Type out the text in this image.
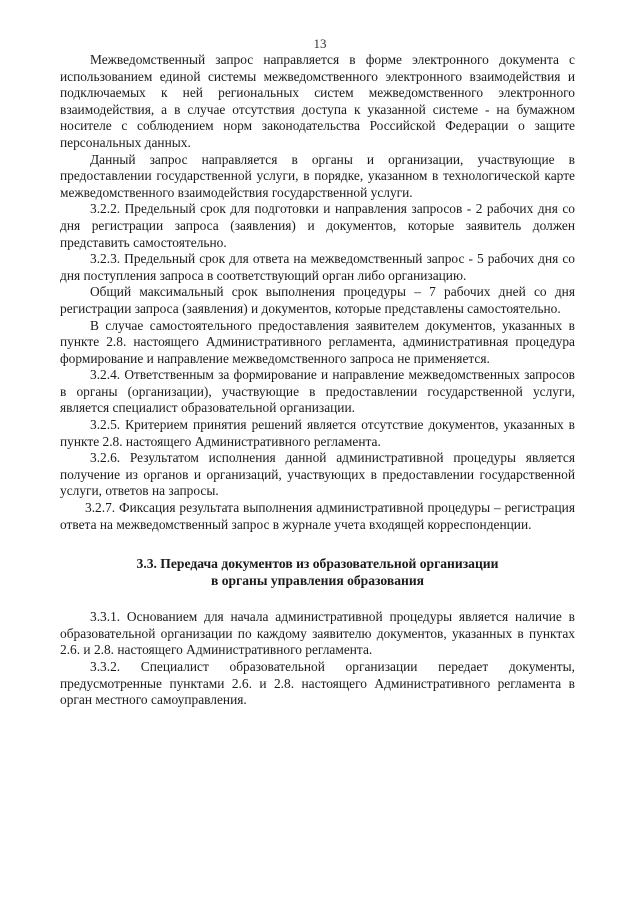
13

Межведомственный запрос направляется в форме электронного документа с использованием единой системы межведомственного электронного взаимодействия и подключаемых к ней региональных систем межведомственного электронного взаимодействия, а в случае отсутствия доступа к указанной системе - на бумажном носителе с соблюдением норм законодательства Российской Федерации о защите персональных данных.

Данный запрос направляется в органы и организации, участвующие в предоставлении государственной услуги, в порядке, указанном в технологической карте межведомственного взаимодействия государственной услуги.

3.2.2. Предельный срок для подготовки и направления запросов - 2 рабочих дня со дня регистрации запроса (заявления) и документов, которые заявитель должен представить самостоятельно.

3.2.3. Предельный срок для ответа на межведомственный запрос - 5 рабочих дня со дня поступления запроса в соответствующий орган либо организацию.

Общий максимальный срок выполнения процедуры – 7 рабочих дней со дня регистрации запроса (заявления) и документов, которые представлены самостоятельно.

В случае самостоятельного предоставления заявителем документов, указанных в пункте 2.8. настоящего Административного регламента, административная процедура формирование и направление межведомственного запроса не применяется.

3.2.4. Ответственным за формирование и направление межведомственных запросов в органы (организации), участвующие в предоставлении государственной услуги, является специалист образовательной организации.

3.2.5. Критерием принятия решений является отсутствие документов, указанных в пункте 2.8. настоящего Административного регламента.

3.2.6. Результатом исполнения данной административной процедуры является получение из органов и организаций, участвующих в предоставлении государственной услуги, ответов на запросы.

3.2.7. Фиксация результата выполнения административной процедуры – регистрация ответа на межведомственный запрос в журнале учета входящей корреспонденции.

3.3. Передача документов из образовательной организации
в органы управления образования

3.3.1. Основанием для начала административной процедуры является наличие в образовательной организации по каждому заявителю документов, указанных в пунктах 2.6. и 2.8. настоящего Административного регламента.

3.3.2. Специалист образовательной организации передает документы, предусмотренные пунктами 2.6. и 2.8. настоящего Административного регламента в орган местного самоуправления.
